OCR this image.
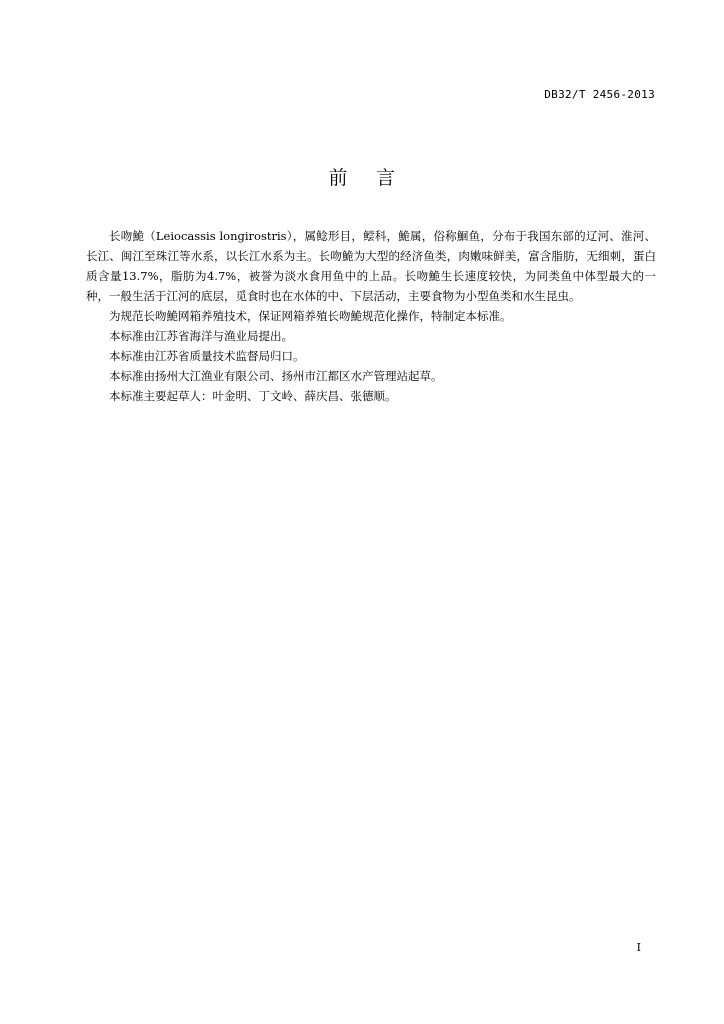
DB32/T 2456-2013
前 言

长吻鮠（Leiocassis longirostris），属鲶形目，鲿科，鮠属，俗称鮰鱼，分布于我国东部的辽河、淮河、长江、闽江至珠江等水系，以长江水系为主。长吻鮠为大型的经济鱼类，肉嫩味鲜美，富含脂肪，无细刺，蛋白质含量13.7%，脂肪为4.7%，被誉为淡水食用鱼中的上品。长吻鮠生长速度较快，为同类鱼中体型最大的一种，一般生活于江河的底层，觅食时也在水体的中、下层活动，主要食物为小型鱼类和水生昆虫。

为规范长吻鮠网箱养殖技术，保证网箱养殖长吻鮠规范化操作，特制定本标准。

本标准由江苏省海洋与渔业局提出。

本标准由江苏省质量技术监督局归口。

本标准由扬州大江渔业有限公司、扬州市江都区水产管理站起草。

本标准主要起草人：叶金明、丁文岭、薛庆昌、张德顺。

I
